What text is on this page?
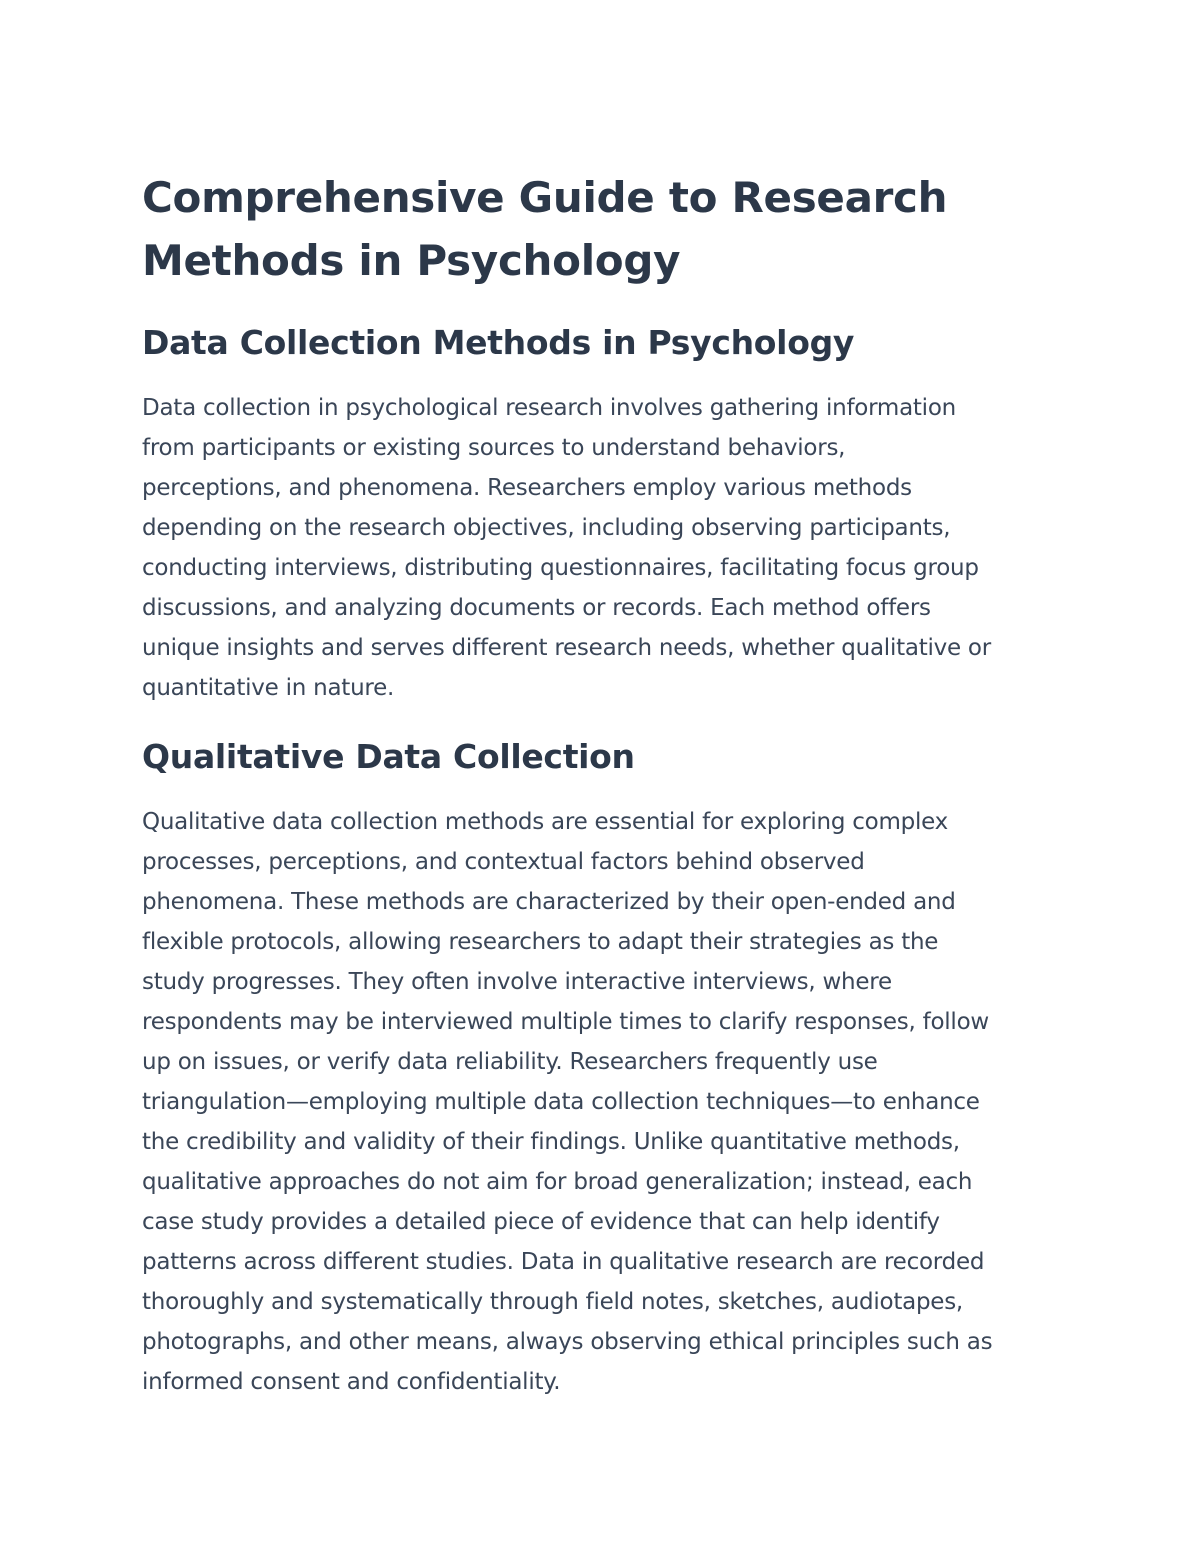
Comprehensive Guide to Research
Methods in Psychology
Data Collection Methods in Psychology

Data collection in psychological research involves gathering information
from participants or existing sources to understand behaviors,
perceptions, and phenomena. Researchers employ various methods
depending on the research objectives, including observing participants,
conducting interviews, distributing questionnaires, facilitating focus group
discussions, and analyzing documents or records. Each method offers
unique insights and serves different research needs, whether qualitative or
quantitative in nature.

Qualitative Data Collection

Qualitative data collection methods are essential for exploring complex
processes, perceptions, and contextual factors behind observed
phenomena. These methods are characterized by their open-ended and
flexible protocols, allowing researchers to adapt their strategies as the
study progresses. They often involve interactive interviews, where
respondents may be interviewed multiple times to clarify responses, follow
up on issues, or verify data reliability. Researchers frequently use
triangulation—employing multiple data collection techniques—to enhance
the credibility and validity of their findings. Unlike quantitative methods,
qualitative approaches do not aim for broad generalization; instead, each
case study provides a detailed piece of evidence that can help identify
patterns across different studies. Data in qualitative research are recorded
thoroughly and systematically through field notes, sketches, audiotapes,
photographs, and other means, always observing ethical principles such as
informed consent and confidentiality.
